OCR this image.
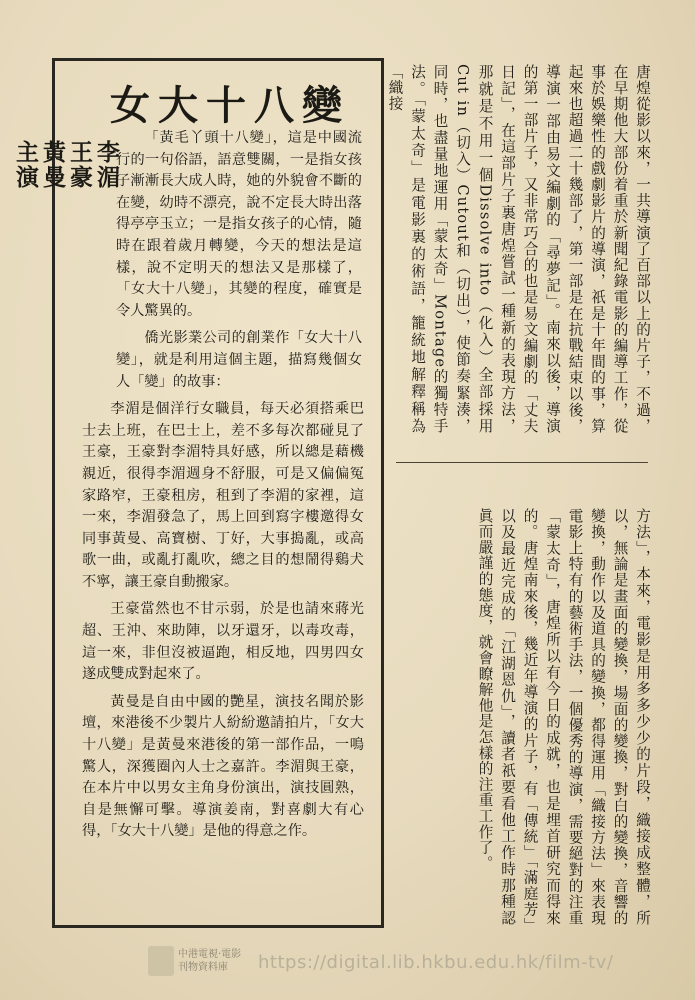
女大十八變
李湄
王豪
黃曼
主演

「黃毛丫頭十八變」，這是中國流行的一句俗語，語意雙關，一是指女孩子漸漸長大成人時，她的外貌會不斷的在變，幼時不漂亮，說不定長大時出落得亭亭玉立；一是指女孩子的心情，隨時在跟着歲月轉變，今天的想法是這樣，說不定明天的想法又是那樣了，「女大十八變」，其變的程度，確實是令人驚異的。

僑光影業公司的創業作「女大十八變」，就是利用這個主題，描寫幾個女人「變」的故事：

李湄是個洋行女職員，每天必須搭乘巴士去上班，在巴士上，差不多每次都碰見了王豪，王豪對李湄特具好感，所以總是藉機親近，很得李湄週身不舒服，可是又偏偏冤家路窄，王豪租房，租到了李湄的家裡，這一來，李湄發急了，馬上回到寫字樓邀得女同事黃曼、高寶樹、丁好，大事搗亂，或高歌一曲，或亂打亂吹，總之目的想鬧得鷄犬不寧，讓王豪自動搬家。

王豪當然也不甘示弱，於是也請來蔣光超、王沖、來助陣，以牙還牙，以毒攻毒，這一來，非但沒被逼跑，相反地，四男四女遂成雙成對起來了。

黃曼是自由中國的艷星，演技名聞於影壇，來港後不少製片人紛紛邀請拍片，「女大十八變」是黃曼來港後的第一部作品，一鳴驚人，深獲圈內人士之嘉許。李湄與王豪，在本片中以男女主角身份演出，演技圓熟，自是無懈可擊。導演姜南，對喜劇大有心得，「女大十八變」是他的得意之作。

唐煌從影以來，一共導演了百部以上的片子，不過，在早期他大部份着重於新聞紀錄電影的編導工作，從事於娛樂性的戲劇影片的導演，祇是十年間的事，算起來也超過二十幾部了，第一部是在抗戰結束以後，導演一部由易文編劇的「尋夢記」。南來以後，導演的第一部片子，又非常巧合的也是易文編劇的「丈夫日記」，在這部片子裏唐煌嘗試一種新的表現方法，那就是不用一個Dissolve into（化入）全部採用Cut in（切入）Cutout和（切出），使節奏緊湊，同時，也盡量地運用「蒙太奇」Montage的獨特手法。「蒙太奇」是電影裏的術語，籠統地解釋稱為「織接
方法」，本來，電影是用多多少少的片段，織接成整體，所以，無論是畫面的變換，場面的變換，對白的變換，音響的變換，動作以及道具的變換，都得運用「織接方法」來表現電影上特有的藝術手法，一個優秀的導演，需要絕對的注重「蒙太奇」，唐煌所以有今日的成就，也是埋首研究而得來的。唐煌南來後，幾近年導演的片子，有「傳統」「滿庭芳」以及最近完成的「江湖恩仇」，讀者祇要看他工作時那種認眞而嚴謹的態度，就會瞭解他是怎樣的注重工作了。
中港電視·電影
刊物資料庫	https://digital.lib.hkbu.edu.hk/film-tv/
